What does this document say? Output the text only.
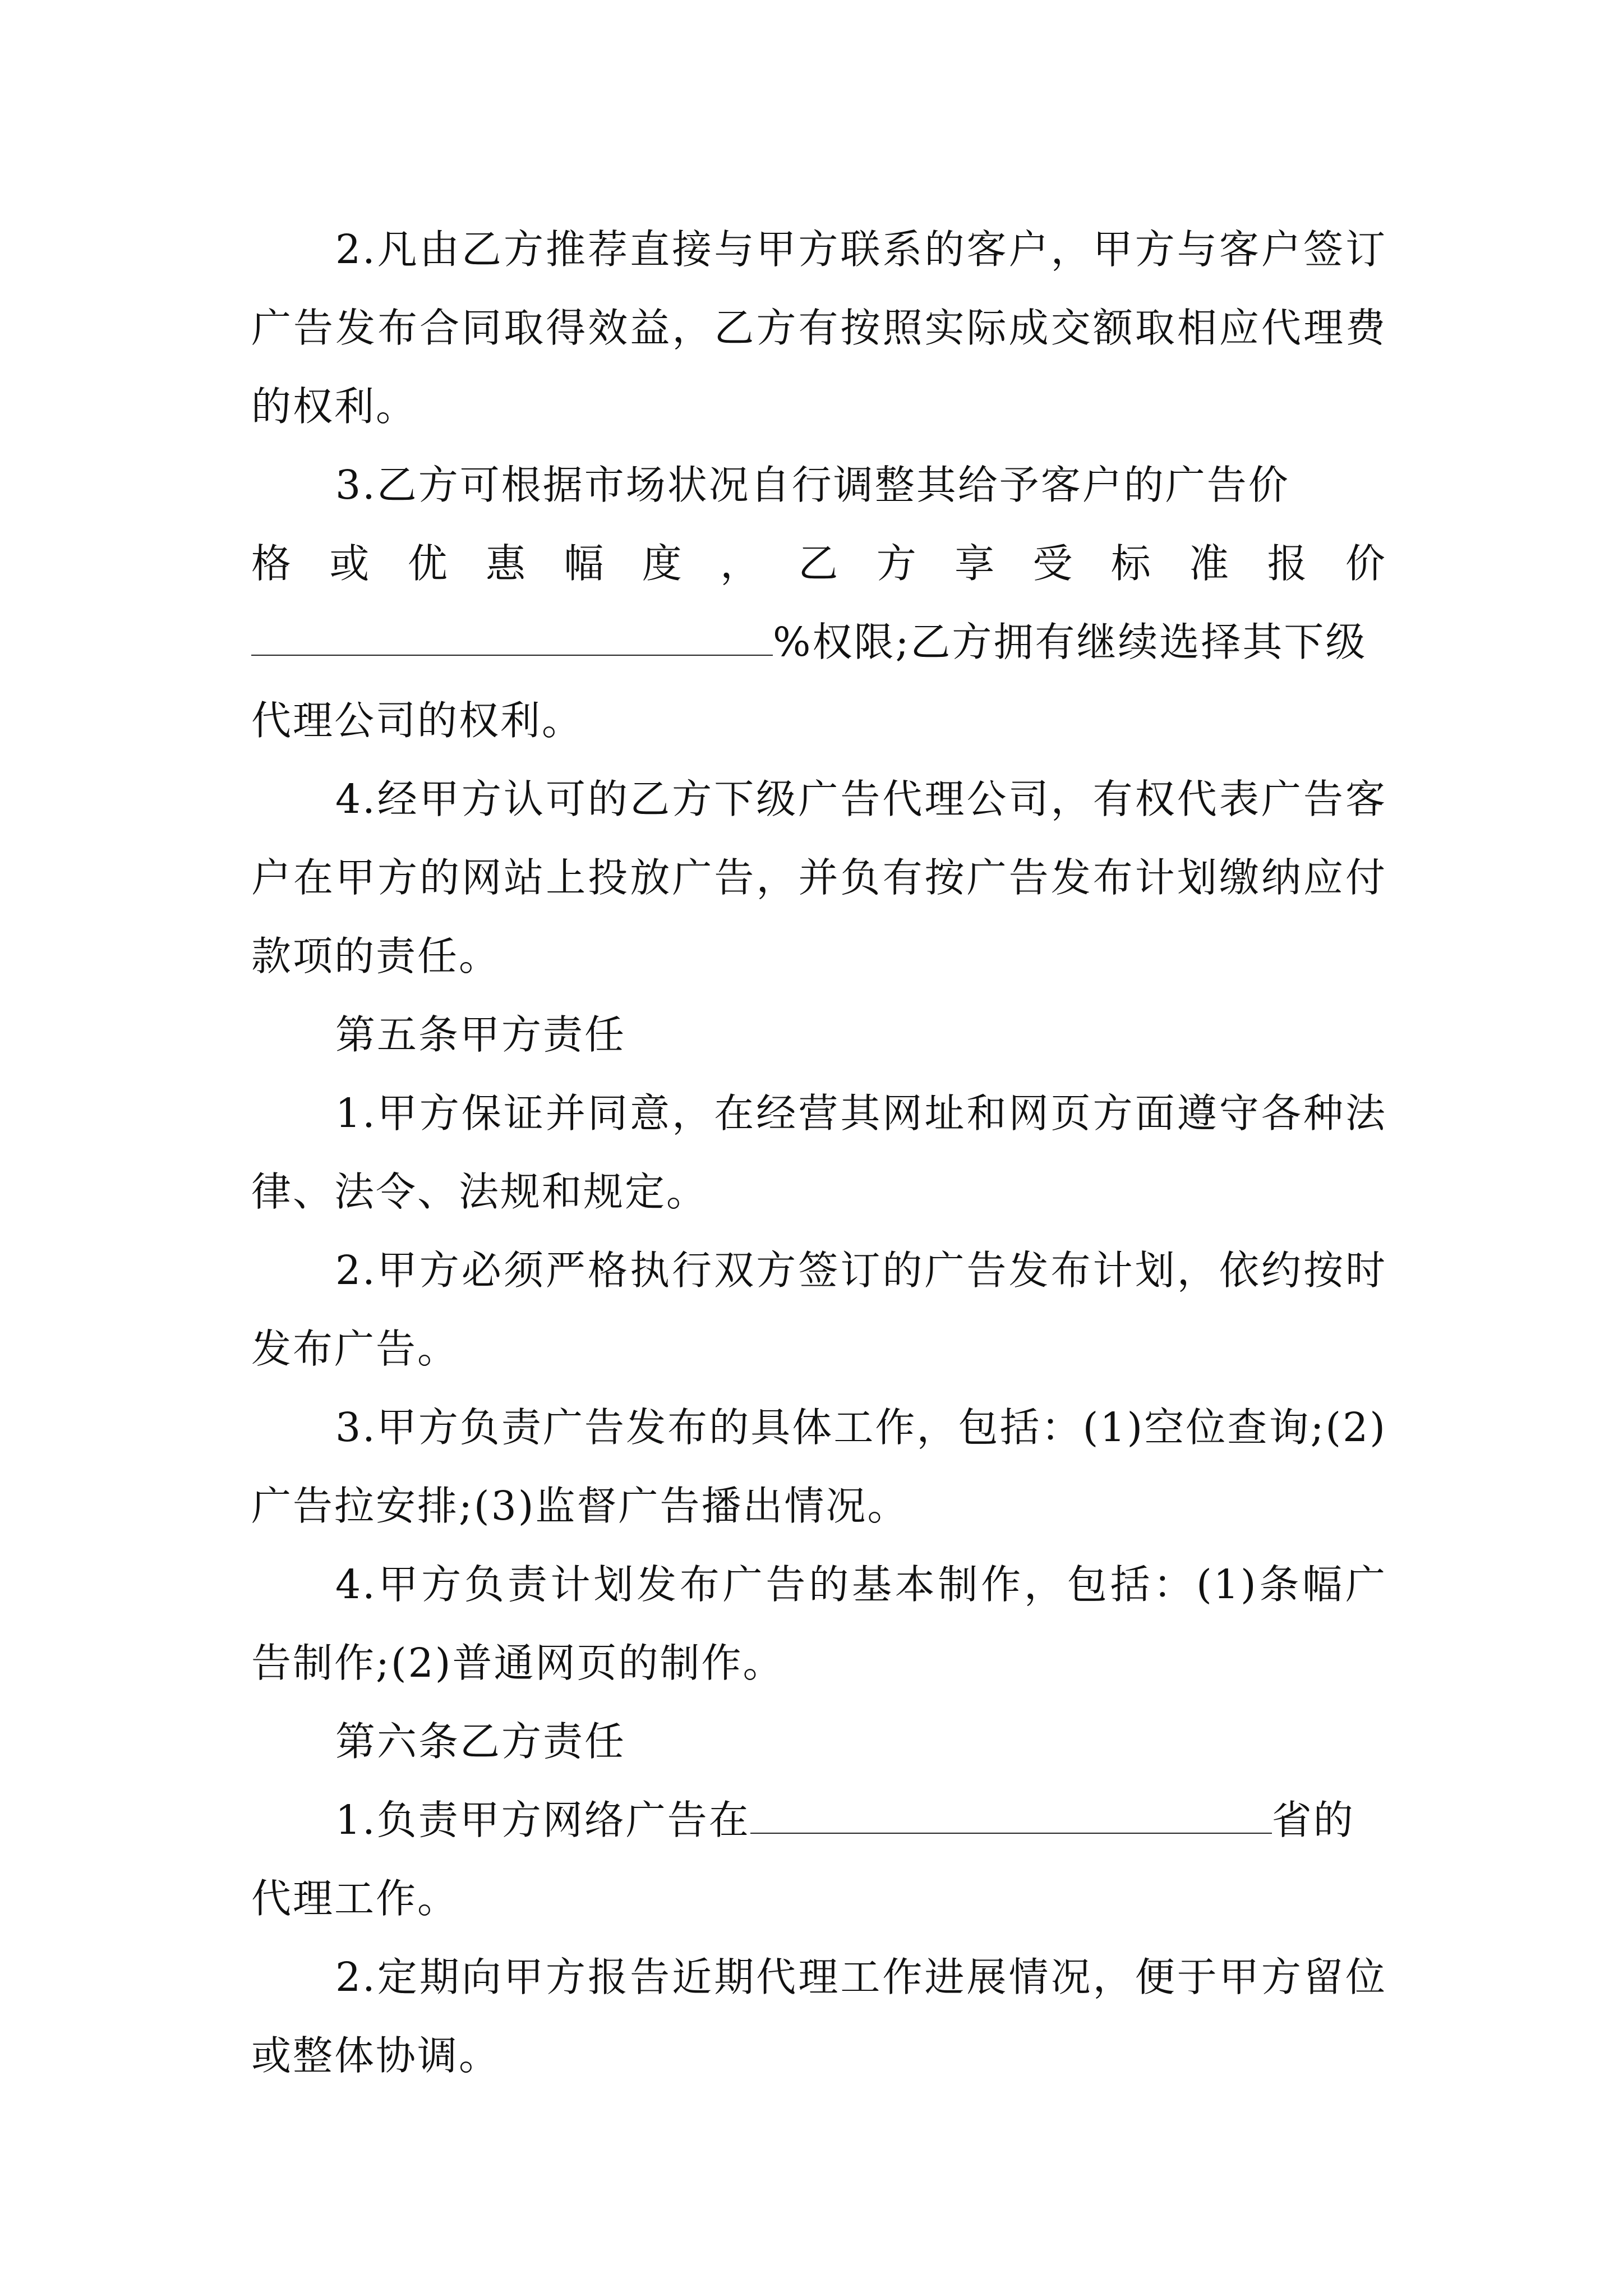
2.凡由乙方推荐直接与甲方联系的客户，甲方与客户签订广告发布合同取得效益，乙方有按照实际成交额取相应代理费的权利。

3.乙方可根据市场状况自行调整其给予客户的广告价

格 或 优 惠 幅 度 ， 乙 方 享 受 标 准 报 价

%权限;乙方拥有继续选择其下级

代理公司的权利。

4.经甲方认可的乙方下级广告代理公司，有权代表广告客户在甲方的网站上投放广告，并负有按广告发布计划缴纳应付款项的责任。

第五条甲方责任

1.甲方保证并同意，在经营其网址和网页方面遵守各种法律、法令、法规和规定。

2.甲方必须严格执行双方签订的广告发布计划，依约按时发布广告。

3.甲方负责广告发布的具体工作，包括：(1)空位查询;(2)广告拉安排;(3)监督广告播出情况。

4.甲方负责计划发布广告的基本制作，包括：(1)条幅广告制作;(2)普通网页的制作。

第六条乙方责任

1.负责甲方网络广告在	省的

代理工作。

2.定期向甲方报告近期代理工作进展情况，便于甲方留位或整体协调。
